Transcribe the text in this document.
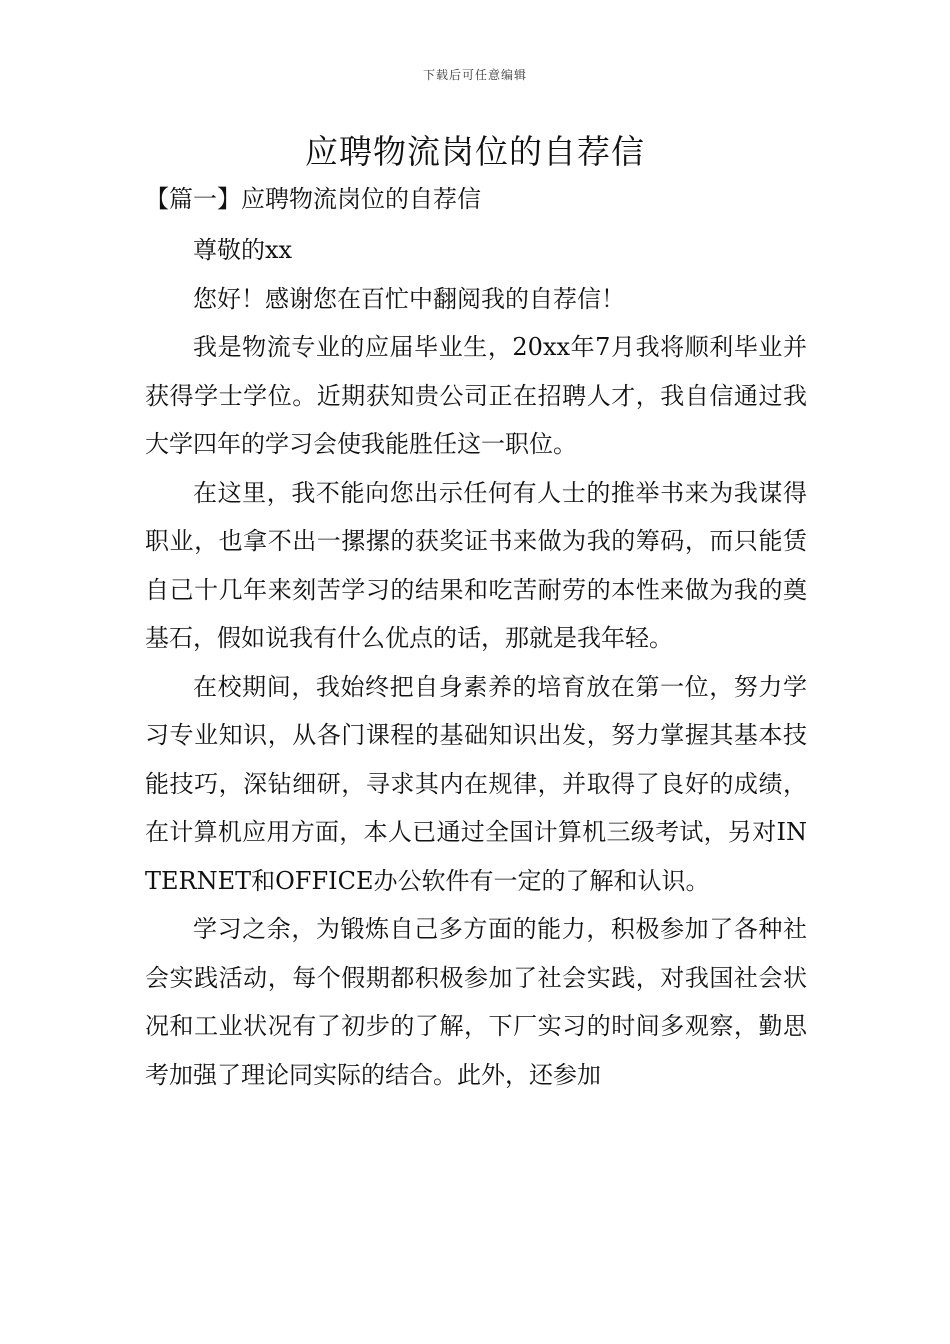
下载后可任意编辑
应聘物流岗位的自荐信

【篇一】应聘物流岗位的自荐信

尊敬的xx

您好！感谢您在百忙中翻阅我的自荐信！

我是物流专业的应届毕业生，20xx年7月我将顺利毕业并获得学士学位。近期获知贵公司正在招聘人才，我自信通过我大学四年的学习会使我能胜任这一职位。

在这里，我不能向您出示任何有人士的推举书来为我谋得职业，也拿不出一摞摞的获奖证书来做为我的筹码，而只能赁自己十几年来刻苦学习的结果和吃苦耐劳的本性来做为我的奠基石，假如说我有什么优点的话，那就是我年轻。

在校期间，我始终把自身素养的培育放在第一位，努力学习专业知识，从各门课程的基础知识出发，努力掌握其基本技能技巧，深钻细研，寻求其内在规律，并取得了良好的成绩，在计算机应用方面，本人已通过全国计算机三级考试，另对INTERNET和OFFICE办公软件有一定的了解和认识。

学习之余，为锻炼自己多方面的能力，积极参加了各种社会实践活动，每个假期都积极参加了社会实践，对我国社会状况和工业状况有了初步的了解，下厂实习的时间多观察，勤思考加强了理论同实际的结合。此外，还参加
